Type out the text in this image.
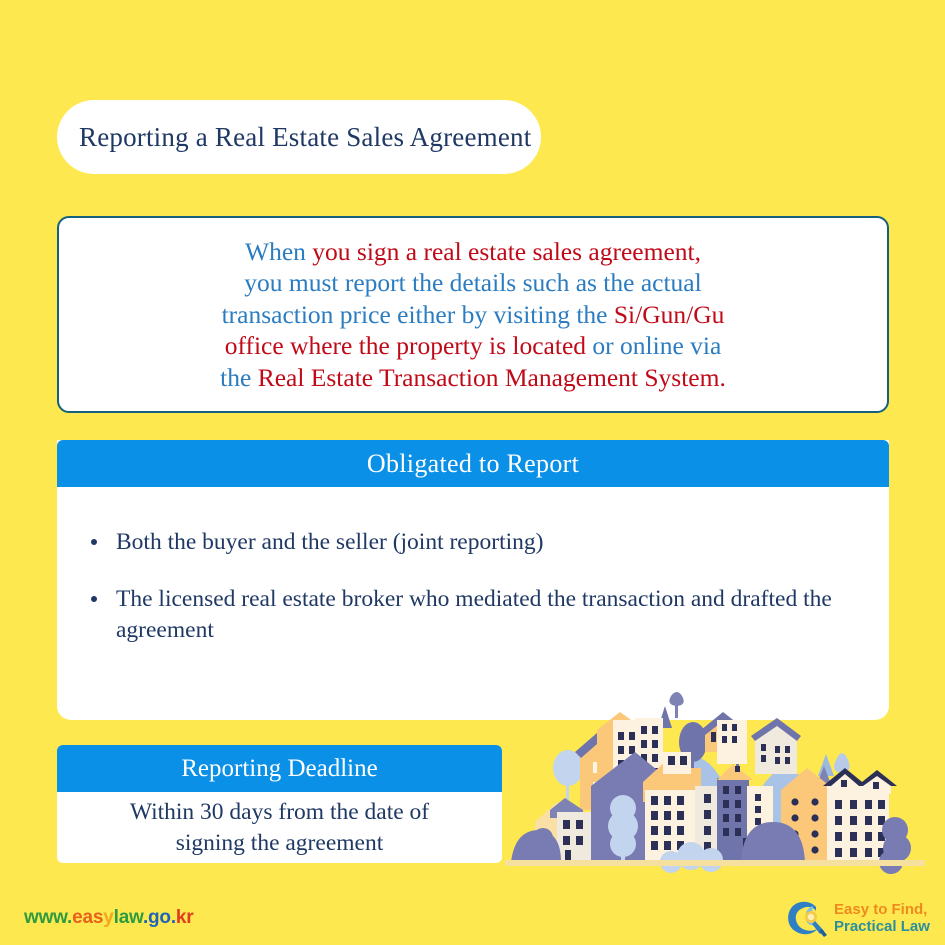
Reporting a Real Estate Sales Agreement
When you sign a real estate sales agreement,
you must report the details such as the actual
transaction price either by visiting the Si/Gun/Gu
office where the property is located or online via
the Real Estate Transaction Management System.
Obligated to Report
Both the buyer and the seller (joint reporting)
The licensed real estate broker who mediated the transaction and drafted the agreement
Reporting Deadline
Within 30 days from the date of
signing the agreement
www.easylaw.go.kr	Easy to Find,
Practical Law
